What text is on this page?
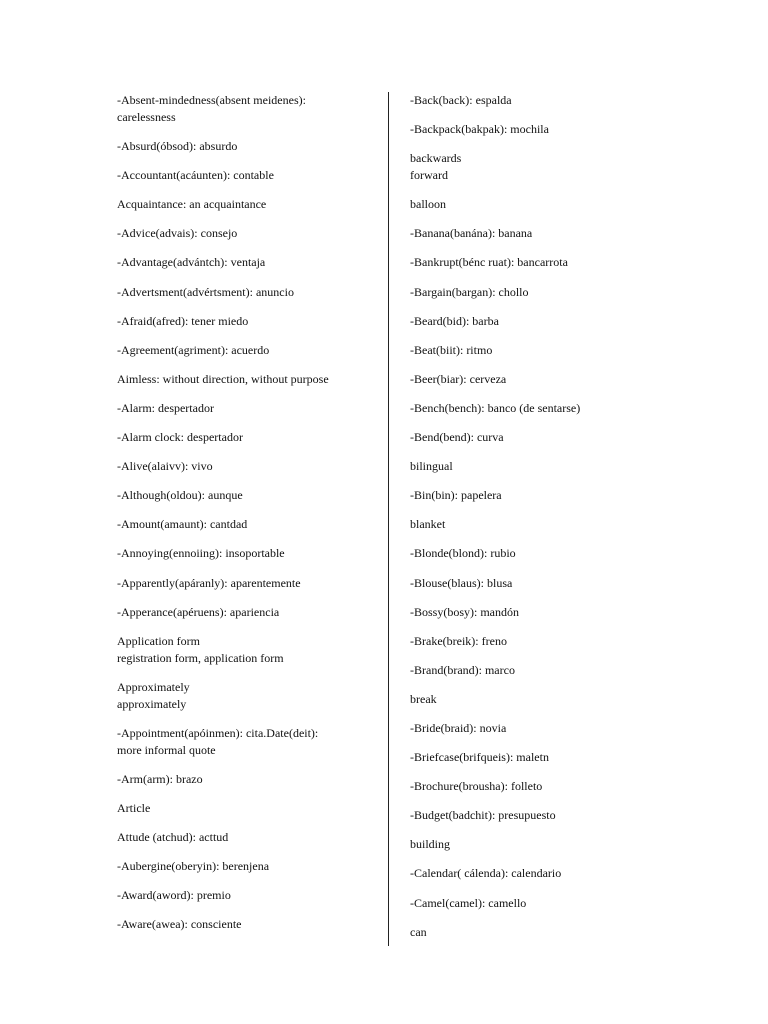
-Absent-mindedness(absent meidenes):
carelessness
-Absurd(óbsod): absurdo
-Accountant(acáunten): contable
Acquaintance: an acquaintance
-Advice(advais): consejo
-Advantage(advántch): ventaja
-Advertsment(advértsment): anuncio
-Afraid(afred): tener miedo
-Agreement(agriment): acuerdo
Aimless: without direction, without purpose
-Alarm: despertador
-Alarm clock: despertador
-Alive(alaivv): vivo
-Although(oldou): aunque
-Amount(amaunt): cantdad
-Annoying(ennoiing): insoportable
-Apparently(apáranly): aparentemente
-Apperance(apéruens): apariencia
Application form
registration form, application form
Approximately
approximately
-Appointment(apóinmen): cita.Date(deit):
more informal quote
-Arm(arm): brazo
Article
Attude (atchud): acttud
-Aubergine(oberyin): berenjena
-Award(aword): premio
-Aware(awea): consciente
-Back(back): espalda
-Backpack(bakpak): mochila
backwards
forward
balloon
-Banana(banána): banana
-Bankrupt(bénc ruat): bancarrota
-Bargain(bargan): chollo
-Beard(bid): barba
-Beat(biit): ritmo
-Beer(biar): cerveza
-Bench(bench): banco (de sentarse)
-Bend(bend): curva
bilingual
-Bin(bin): papelera
blanket
-Blonde(blond): rubio
-Blouse(blaus): blusa
-Bossy(bosy): mandón
-Brake(breik): freno
-Brand(brand): marco
break
-Bride(braid): novia
-Briefcase(brifqueis): maletn
-Brochure(brousha): folleto
-Budget(badchit): presupuesto
building
-Calendar( cálenda): calendario
-Camel(camel): camello
can
